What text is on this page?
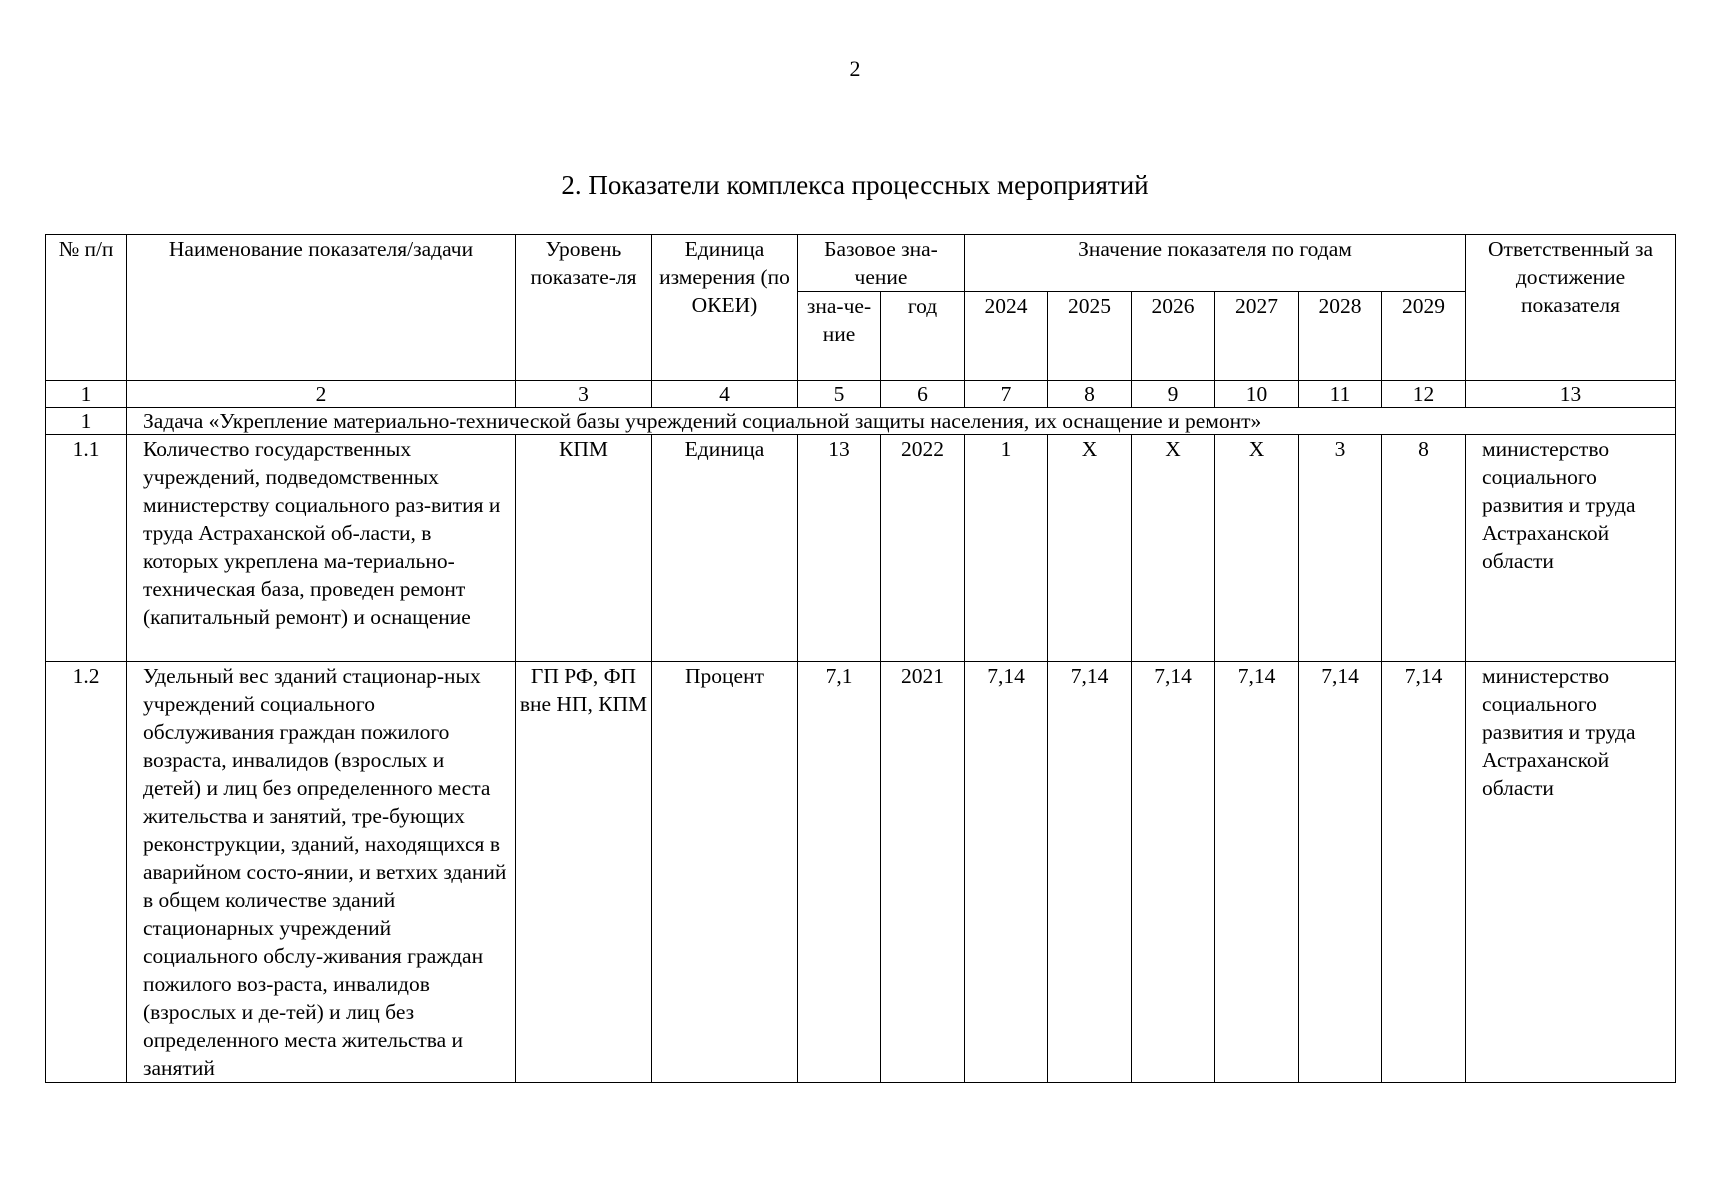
2
2. Показатели комплекса процессных мероприятий
№ п/п	Наименование показателя/задачи	Уровень показате-ля	Единица измерения (по ОКЕИ)	Базовое зна-чение		Значение показателя по годам						Ответственный за достижение показателя
				зна-че-ние	год	2024	2025	2026	2027	2028	2029	
1	2	3	4	5	6	7	8	9	10	11	12	13
1	Задача «Укрепление материально-технической базы учреждений социальной защиты населения, их оснащение и ремонт»											
1.1	Количество государственных учреждений, подведомственных министерству социального раз-вития и труда Астраханской об-ласти, в которых укреплена ма-териально-техническая база, проведен ремонт (капитальный ремонт) и оснащение	КПМ	Единица	13	2022	1	X	X	X	3	8	министерство социального развития и труда Астраханской области
1.2	Удельный вес зданий стационар-ных учреждений социального обслуживания граждан пожилого возраста, инвалидов (взрослых и детей) и лиц без определенного места жительства и занятий, тре-бующих реконструкции, зданий, находящихся в аварийном состо-янии, и ветхих зданий в общем количестве зданий стационарных учреждений социального обслу-живания граждан пожилого воз-раста, инвалидов (взрослых и де-тей) и лиц без определенного места жительства и занятий	ГП РФ, ФП вне НП, КПМ	Процент	7,1	2021	7,14	7,14	7,14	7,14	7,14	7,14	министерство социального развития и труда Астраханской области
